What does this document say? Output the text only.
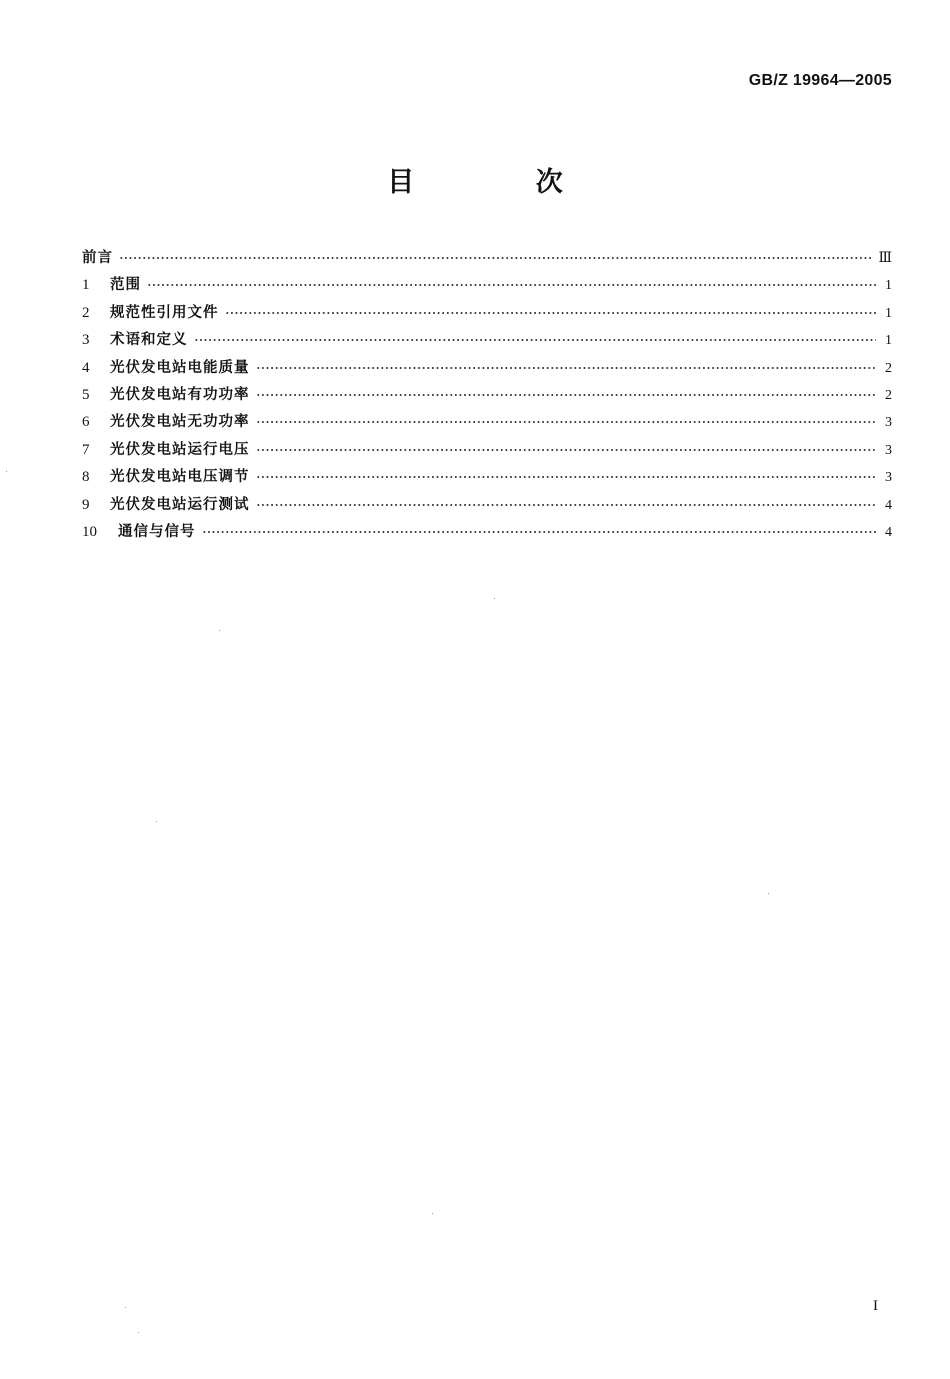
GB/Z 19964—2005
目 次
前言	Ⅲ
1	范围	1
2	规范性引用文件	1
3	术语和定义	1
4	光伏发电站电能质量	2
5	光伏发电站有功功率	2
6	光伏发电站无功功率	3
7	光伏发电站运行电压	3
8	光伏发电站电压调节	3
9	光伏发电站运行测试	4
10	通信与信号	4
I
